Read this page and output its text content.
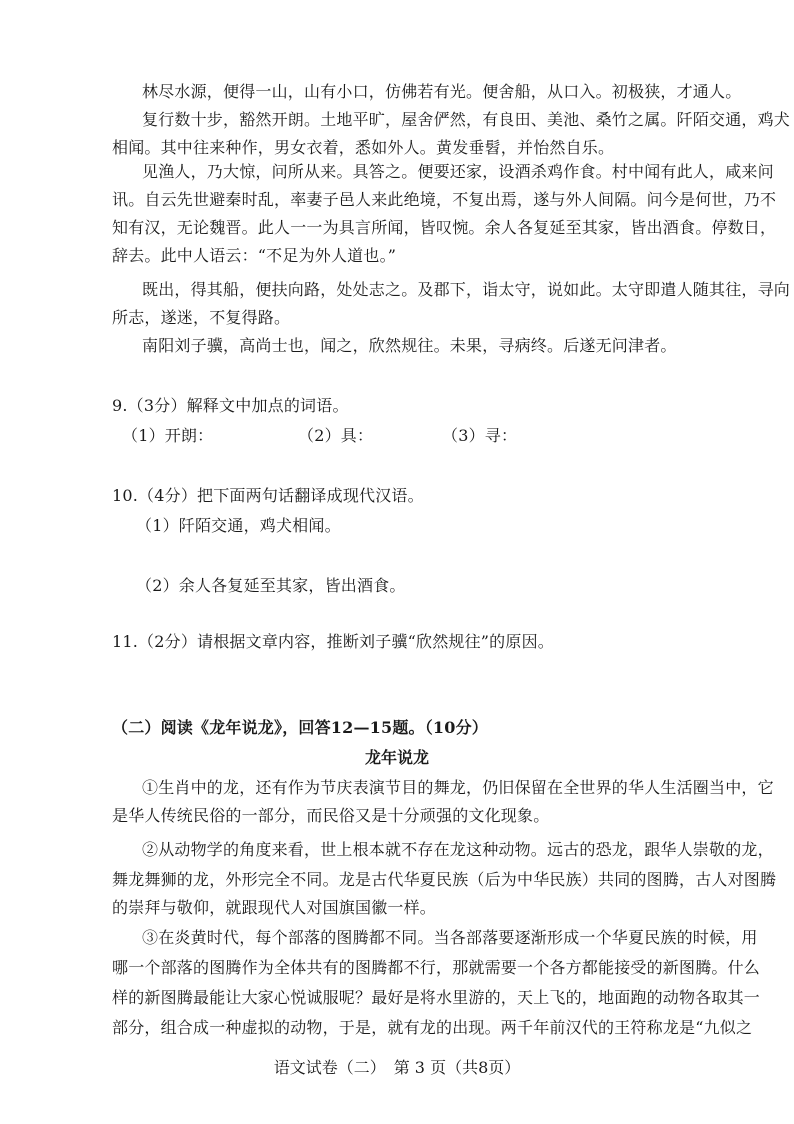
林尽水源，便得一山，山有小口，仿佛若有光。便舍船，从口入。初极狭，才通人。
复行数十步，豁然开朗。土地平旷，屋舍俨然，有良田、美池、桑竹之属。阡陌交通，鸡犬
相闻。其中往来种作，男女衣着，悉如外人。黄发垂髫，并怡然自乐。
见渔人，乃大惊，问所从来。具答之。便要还家，设酒杀鸡作食。村中闻有此人，咸来问
讯。自云先世避秦时乱，率妻子邑人来此绝境，不复出焉，遂与外人间隔。问今是何世，乃不
知有汉，无论魏晋。此人一一为具言所闻，皆叹惋。余人各复延至其家，皆出酒食。停数日，
辞去。此中人语云：“不足为外人道也。”
既出，得其船，便扶向路，处处志之。及郡下，诣太守，说如此。太守即遣人随其往，寻向
所志，遂迷，不复得路。
南阳刘子骥，高尚士也，闻之，欣然规往。未果，寻病终。后遂无问津者。
9.（3分）解释文中加点的词语。
（1）开朗：	（2）具：	（3）寻：
10.（4分）把下面两句话翻译成现代汉语。
（1）阡陌交通，鸡犬相闻。
（2）余人各复延至其家，皆出酒食。
11.（2分）请根据文章内容，推断刘子骥“欣然规往”的原因。
（二）阅读《龙年说龙》，回答12—15题。（10分）
龙年说龙
①生肖中的龙，还有作为节庆表演节目的舞龙，仍旧保留在全世界的华人生活圈当中，它
是华人传统民俗的一部分，而民俗又是十分顽强的文化现象。
②从动物学的角度来看，世上根本就不存在龙这种动物。远古的恐龙，跟华人崇敬的龙，
舞龙舞狮的龙，外形完全不同。龙是古代华夏民族（后为中华民族）共同的图腾，古人对图腾
的崇拜与敬仰，就跟现代人对国旗国徽一样。
③在炎黄时代，每个部落的图腾都不同。当各部落要逐渐形成一个华夏民族的时候，用
哪一个部落的图腾作为全体共有的图腾都不行，那就需要一个各方都能接受的新图腾。什么
样的新图腾最能让大家心悦诚服呢？最好是将水里游的，天上飞的，地面跑的动物各取其一
部分，组合成一种虚拟的动物，于是，就有龙的出现。两千年前汉代的王符称龙是“九似之
语文试卷（二）　第 3 页（共8页）
